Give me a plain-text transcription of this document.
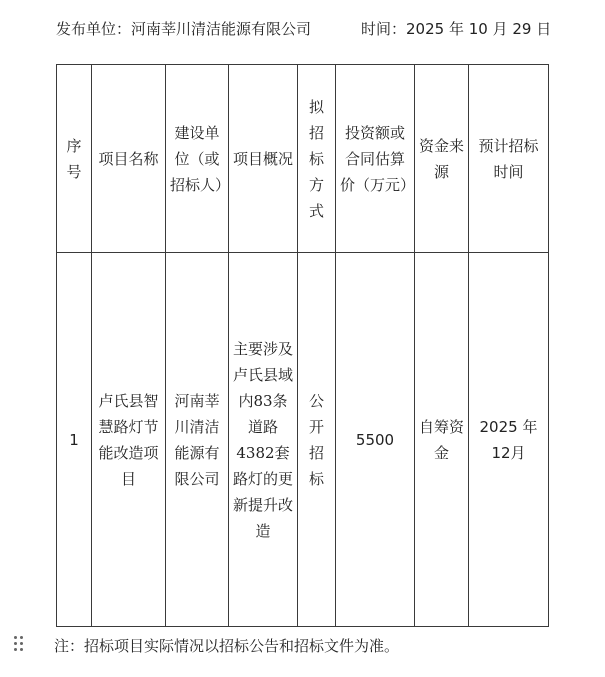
发布单位：河南莘川清洁能源有限公司	时间：2025 年 10 月 29 日
序号	项目名称	建设单位（或招标人）	项目概况	拟招标方式	投资额或合同估算价（万元）	资金来源	预计招标时间
1	卢氏县智慧路灯节能改造项目	河南莘川清洁能源有限公司	主要涉及卢氏县域内83条道路4382套路灯的更新提升改造	公开招标	5500	自筹资金	2025 年 12月
注：招标项目实际情况以招标公告和招标文件为准。
